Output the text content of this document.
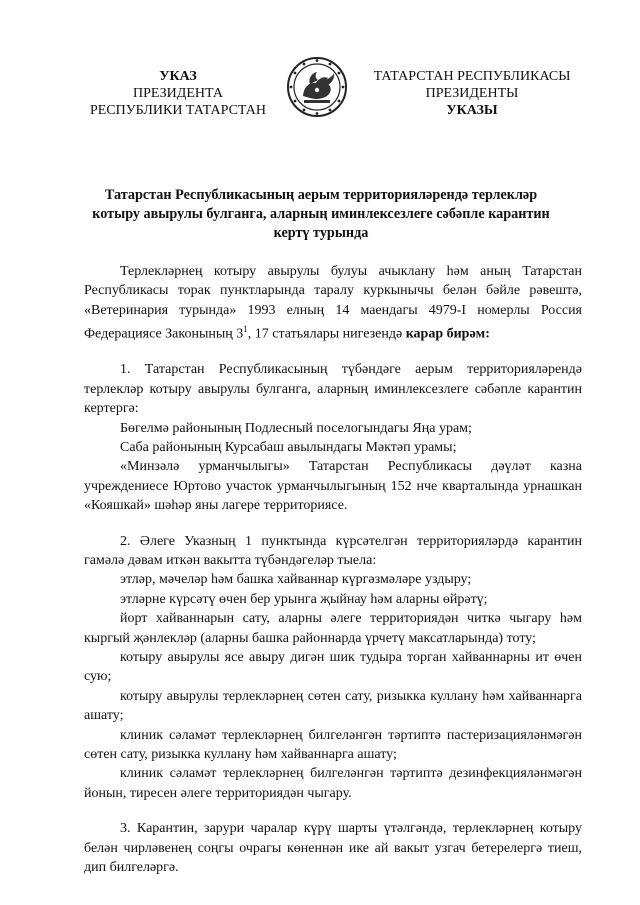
УКАЗ
ПРЕЗИДЕНТА
РЕСПУБЛИКИ ТАТАРСТАН
ТАТАРСТАН РЕСПУБЛИКАСЫ
ПРЕЗИДЕНТЫ
УКАЗЫ
Татарстан Республикасының аерым территорияләрендә терлекләр
котыру авырулы булганга, аларның иминлексезлеге сәбәпле карантин
кертү турында

Терлекләрнең котыру авырулы булуы ачыклану һәм аның Татарстан Республикасы торак пунктларында таралу куркынычы белән бәйле рәвештә, «Ветеринария турында» 1993 елның 14 маендагы 4979-I номерлы Россия Федерациясе Законының $3^1$, 17 статьялары нигезендә карар бирәм:

1. Татарстан Республикасының түбәндәге аерым территорияләрендә терлекләр котыру авырулы булганга, аларның иминлексезлеге сәбәпле карантин кертергә:

Бөгелмә районының Подлесный поселогындагы Яңа урам;

Саба районының Курсабаш авылындагы Мәктәп урамы;

«Минзәлә урманчылыгы» Татарстан Республикасы дәүләт казна учреждениесе Юртово участок урманчылыгының 152 нче кварталында урнашкан «Кояшкай» шәһәр яны лагере территориясе.

2. Әлеге Указның 1 пунктында күрсәтелгән территорияләрдә карантин гамәлә дәвам иткән вакытта түбәндәгеләр тыела:

этләр, мәчеләр һәм башка хайваннар күргәзмәләре уздыру;

этләрне күрсәтү өчен бер урынга җыйнау һәм аларны өйрәтү;

йорт хайваннарын сату, аларны әлеге территориядән читкә чыгару һәм кыргый җәнлекләр (аларны башка районнарда үрчетү максатларында) тоту;

котыру авырулы ясе авыру дигән шик тудыра торган хайваннарны ит өчен сую;

котыру авырулы терлекләрнең сөтен сату, ризыкка куллану һәм хайваннарга ашату;

клиник сәламәт терлекләрнең билгеләнгән тәртиптә пастеризацияләнмәгән сөтен сату, ризыкка куллану һәм хайваннарга ашату;

клиник сәламәт терлекләрнең билгеләнгән тәртиптә дезинфекцияләнмәгән йонын, тиресен әлеге территориядән чыгару.

3. Карантин, зарури чаралар күрү шарты үтәлгәндә, терлекләрнең котыру белән чирләвенең соңгы очрагы көненнән ике ай вакыт узгач бетерелергә тиеш, дип билгеләргә.
